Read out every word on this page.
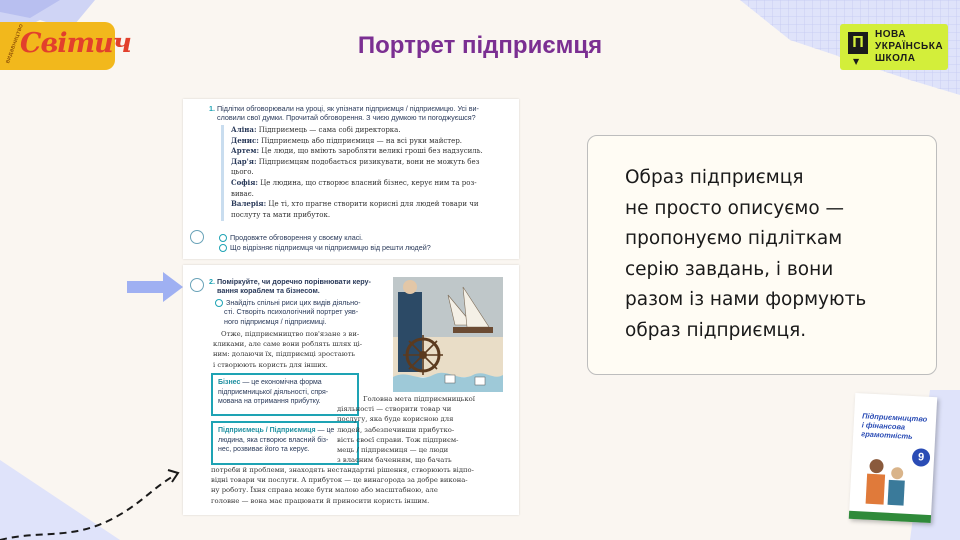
видавництво
Світич	Портрет підприємця	П
▼
НОВА
УКРАЇНСЬКА
ШКОЛА
1. Підлітки обговорювали на уроці, як упізнати підприємця / підприємицю. Усі ви-
словили свої думки. Прочитай обговорення. З чиєю думкою ти погоджуєшся?
Аліна: Підприємець — сама собі директорка.
Денис: Підприємець або підприємиця — на всі руки майстер.
Артем: Це люди, що вміють заробляти великі гроші без надзусиль.
Дар'я: Підприємцям подобається ризикувати, вони не можуть без
цього.
Софія: Це людина, що створює власний бізнес, керує ним та роз-
виває.
Валерія: Це ті, хто прагне створити корисні для людей товари чи
послуту та мати прибуток.
Продовжте обговорення у своєму класі.
Що відрізняє підприємця чи підприємицю від решти людей?
2. Поміркуйте, чи доречно порівнювати керу-
вання кораблем та бізнесом.
Знайдіть спільні риси цих видів діяльно-
сті. Створіть психологічний портрет уяв-
ного підприємця / підприємиці.
Отже, підприємництво пов'язане з ви-
кликами, але саме вони роблять шлях ці-
ним: долаючи їх, підприємці зростають
і створюють користь для інших.
Бізнес — це економічна форма
підприємницької діяльності, спря-
мована на отримання прибутку.
Підприємець / Підприємиця — це
людина, яка створює власний біз-
нес, розвиває його та керує.
Головна мета підприємницької
діяльності — створити товар чи
послугу, яка буде корисною для
людей, забезпечивши прибутко-
вість своєї справи. Тож підприєм-
мець / підприємиця — це люди
з власним баченням, що бачать
потреби й проблеми, знаходять нестандартні рішення, створюють відпо-
відні товари чи послуги. А прибуток — це винагорода за добре викона-
ну роботу. Їхня справа може бути малою або масштабною, але
головне — вона має працювати й приносити користь іншим.
Образ підприємця
не просто описуємо —
пропонуємо підліткам
серію завдань, і вони
разом із нами формують
образ підприємця.
Підприємництво
і фінансова
грамотність
9
